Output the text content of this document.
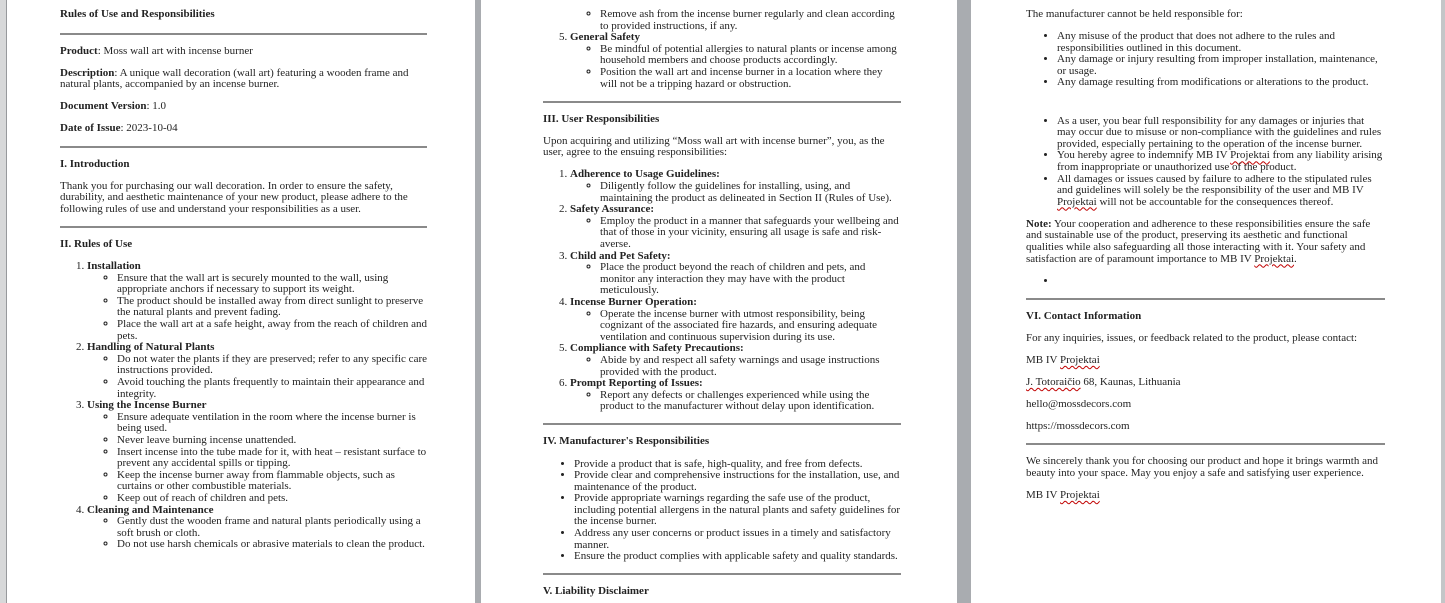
Rules of Use and Responsibilities

Product: Moss wall art with incense burner

Description: A unique wall decoration (wall art) featuring a wooden frame and natural plants, accompanied by an incense burner.

Document Version: 1.0

Date of Issue: 2023-10-04

I. Introduction

Thank you for purchasing our wall decoration. In order to ensure the safety, durability, and aesthetic maintenance of your new product, please adhere to the following rules of use and understand your responsibilities as a user.

II. Rules of Use

1. Installation
◦ Ensure that the wall art is securely mounted to the wall, using appropriate anchors if necessary to support its weight.
◦ The product should be installed away from direct sunlight to preserve the natural plants and prevent fading.
◦ Place the wall art at a safe height, away from the reach of children and pets.
2. Handling of Natural Plants
◦ Do not water the plants if they are preserved; refer to any specific care instructions provided.
◦ Avoid touching the plants frequently to maintain their appearance and integrity.
3. Using the Incense Burner
◦ Ensure adequate ventilation in the room where the incense burner is being used.
◦ Never leave burning incense unattended.
◦ Insert incense into the tube made for it, with heat – resistant surface to prevent any accidental spills or tipping.
◦ Keep the incense burner away from flammable objects, such as curtains or other combustible materials.
◦ Keep out of reach of children and pets.
4. Cleaning and Maintenance
◦ Gently dust the wooden frame and natural plants periodically using a soft brush or cloth.
◦ Do not use harsh chemicals or abrasive materials to clean the product.
◦ Remove ash from the incense burner regularly and clean according to provided instructions, if any.
5. General Safety
◦ Be mindful of potential allergies to natural plants or incense among household members and choose products accordingly.
◦ Position the wall art and incense burner in a location where they will not be a tripping hazard or obstruction.

III. User Responsibilities

Upon acquiring and utilizing “Moss wall art with incense burner”, you, as the user, agree to the ensuing responsibilities:

1. Adherence to Usage Guidelines:
◦ Diligently follow the guidelines for installing, using, and maintaining the product as delineated in Section II (Rules of Use).
2. Safety Assurance:
◦ Employ the product in a manner that safeguards your wellbeing and that of those in your vicinity, ensuring all usage is safe and risk-averse.
3. Child and Pet Safety:
◦ Place the product beyond the reach of children and pets, and monitor any interaction they may have with the product meticulously.
4. Incense Burner Operation:
◦ Operate the incense burner with utmost responsibility, being cognizant of the associated fire hazards, and ensuring adequate ventilation and continuous supervision during its use.
5. Compliance with Safety Precautions:
◦ Abide by and respect all safety warnings and usage instructions provided with the product.
6. Prompt Reporting of Issues:
◦ Report any defects or challenges experienced while using the product to the manufacturer without delay upon identification.

IV. Manufacturer's Responsibilities

• Provide a product that is safe, high-quality, and free from defects.
• Provide clear and comprehensive instructions for the installation, use, and maintenance of the product.
• Provide appropriate warnings regarding the safe use of the product, including potential allergens in the natural plants and safety guidelines for the incense burner.
• Address any user concerns or product issues in a timely and satisfactory manner.
• Ensure the product complies with applicable safety and quality standards.

V. Liability Disclaimer

The manufacturer cannot be held responsible for:

• Any misuse of the product that does not adhere to the rules and responsibilities outlined in this document.
• Any damage or injury resulting from improper installation, maintenance, or usage.
• Any damage resulting from modifications or alterations to the product.
• As a user, you bear full responsibility for any damages or injuries that may occur due to misuse or non-compliance with the guidelines and rules provided, especially pertaining to the operation of the incense burner.
• You hereby agree to indemnify MB IV Projektai from any liability arising from inappropriate or unauthorized use of the product.
• All damages or issues caused by failure to adhere to the stipulated rules and guidelines will solely be the responsibility of the user and MB IV Projektai will not be accountable for the consequences thereof.

Note: Your cooperation and adherence to these responsibilities ensure the safe and sustainable use of the product, preserving its aesthetic and functional qualities while also safeguarding all those interacting with it. Your safety and satisfaction are of paramount importance to MB IV Projektai.

•

VI. Contact Information

For any inquiries, issues, or feedback related to the product, please contact:

MB IV Projektai

J. Totoraičio 68, Kaunas, Lithuania

hello@mossdecors.com

https://mossdecors.com

We sincerely thank you for choosing our product and hope it brings warmth and beauty into your space. May you enjoy a safe and satisfying user experience.

MB IV Projektai
